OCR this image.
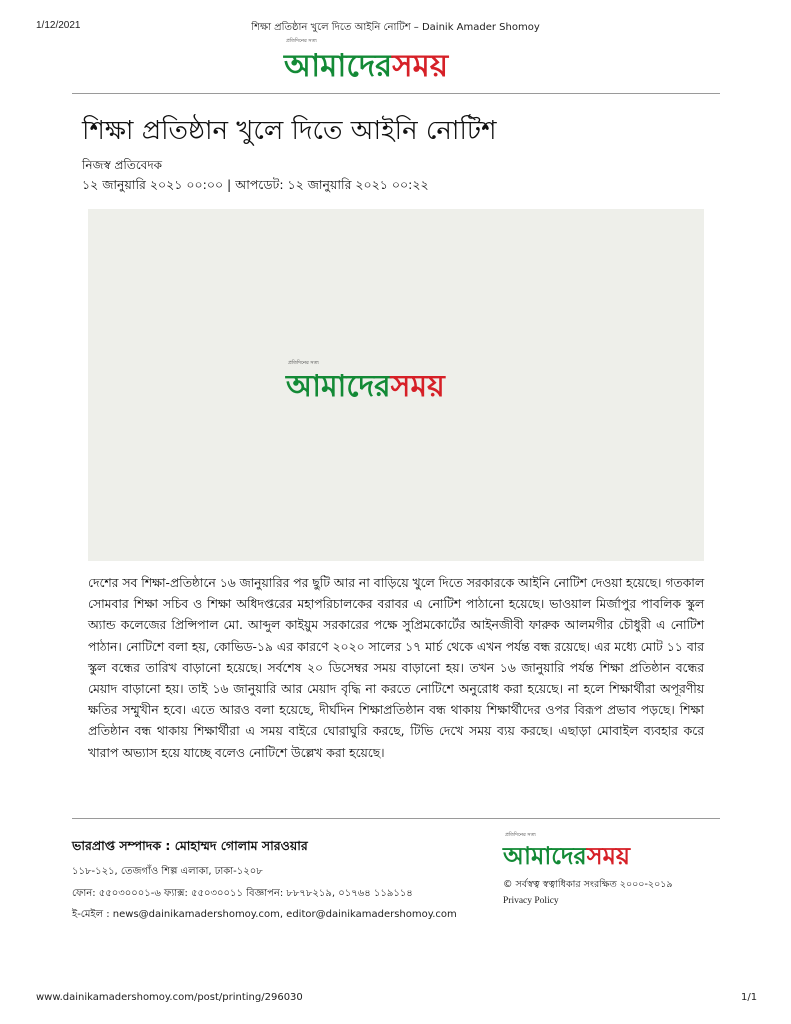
1/12/2021	শিক্ষা প্রতিষ্ঠান খুলে দিতে আইনি নোটিশ – Dainik Amader Shomoy
প্রতিদিনের সত্য
আমাদেরসময়
শিক্ষা প্রতিষ্ঠান খুলে দিতে আইনি নোটিশ
নিজস্ব প্রতিবেদক
১২ জানুয়ারি ২০২১ ০০:০০ | আপডেট: ১২ জানুয়ারি ২০২১ ০০:২২
প্রতিদিনের সত্য
আমাদেরসময়
দেশের সব শিক্ষা-প্রতিষ্ঠানে ১৬ জানুয়ারির পর ছুটি আর না বাড়িয়ে খুলে দিতে সরকারকে আইনি নোটিশ দেওয়া হয়েছে। গতকাল সোমবার শিক্ষা সচিব ও শিক্ষা অধিদপ্তরের মহাপরিচালকের বরাবর এ নোটিশ পাঠানো হয়েছে। ভাওয়াল মির্জাপুর পাবলিক স্কুল অ্যান্ড কলেজের প্রিন্সিপাল মো. আব্দুল কাইয়ুম সরকারের পক্ষে সুপ্রিমকোর্টের আইনজীবী ফারুক আলমগীর চৌধুরী এ নোটিশ পাঠান। নোটিশে বলা হয়, কোভিড-১৯ এর কারণে ২০২০ সালের ১৭ মার্চ থেকে এখন পর্যন্ত বন্ধ রয়েছে। এর মধ্যে মোট ১১ বার স্কুল বন্ধের তারিখ বাড়ানো হয়েছে। সর্বশেষ ২০ ডিসেম্বর সময় বাড়ানো হয়। তখন ১৬ জানুয়ারি পর্যন্ত শিক্ষা প্রতিষ্ঠান বন্ধের মেয়াদ বাড়ানো হয়। তাই ১৬ জানুয়ারি আর মেয়াদ বৃদ্ধি না করতে নোটিশে অনুরোধ করা হয়েছে। না হলে শিক্ষার্থীরা অপূরণীয় ক্ষতির সম্মুখীন হবে। এতে আরও বলা হয়েছে, দীর্ঘদিন শিক্ষাপ্রতিষ্ঠান বন্ধ থাকায় শিক্ষার্থীদের ওপর বিরূপ প্রভাব পড়ছে। শিক্ষা প্রতিষ্ঠান বন্ধ থাকায় শিক্ষার্থীরা এ সময় বাইরে ঘোরাঘুরি করছে, টিভি দেখে সময় ব্যয় করছে। এছাড়া মোবাইল ব্যবহার করে খারাপ অভ্যাস হয়ে যাচ্ছে বলেও নোটিশে উল্লেখ করা হয়েছে।
ভারপ্রাপ্ত সম্পাদক : মোহাম্মদ গোলাম সারওয়ার
১১৮-১২১, তেজগাঁও শিল্প এলাকা, ঢাকা-১২০৮
ফোন: ৫৫০৩০০০১-৬ ফ্যাক্স: ৫৫০৩০০১১ বিজ্ঞাপন: ৮৮৭৮২১৯, ০১৭৬৪ ১১৯১১৪
ই-মেইল : news@dainikamadershomoy.com, editor@dainikamadershomoy.com
প্রতিদিনের সত্য
আমাদেরসময়
© সর্বস্বত্ব স্বত্বাধিকার সংরক্ষিত ২০০০-২০১৯
Privacy Policy
www.dainikamadershomoy.com/post/printing/296030	1/1
